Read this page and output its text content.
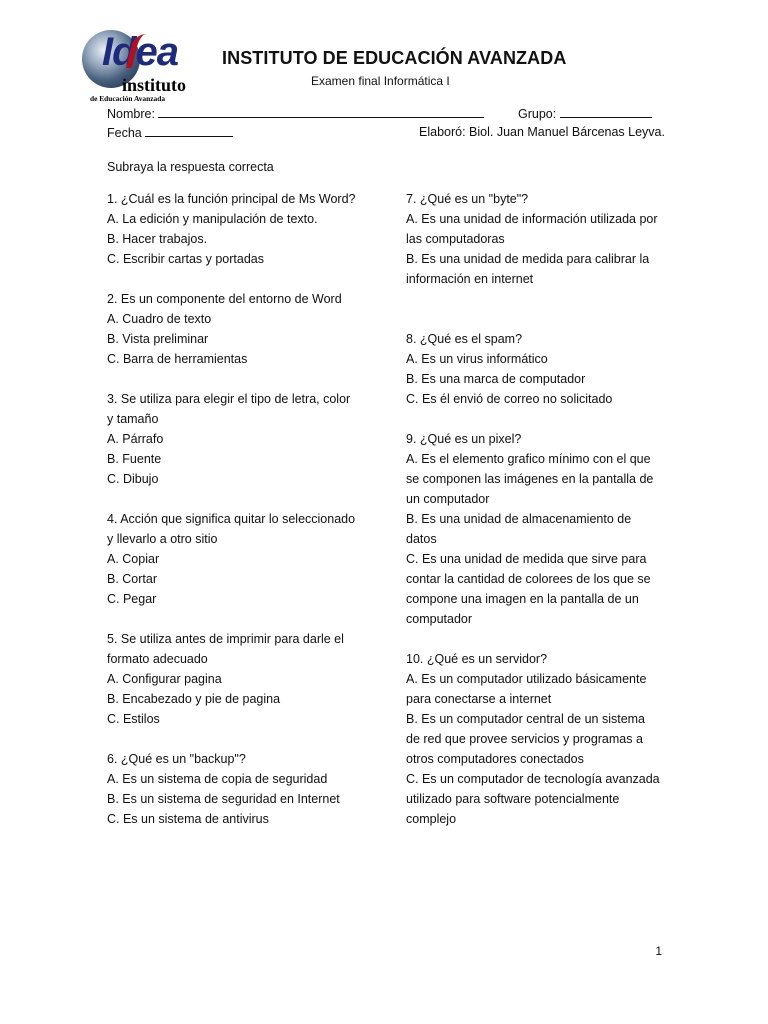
Idea
instituto
de Educación Avanzada
INSTITUTO DE EDUCACIÓN AVANZADA
Examen final Informática I
Nombre:	Grupo:
Fecha	Elaboró: Biol. Juan Manuel Bárcenas Leyva.
Subraya la respuesta correcta

1. ¿Cuál es la función principal de Ms Word?

A. La edición y manipulación de texto.

B. Hacer trabajos.

C. Escribir cartas y portadas

2. Es un componente del entorno de Word

A. Cuadro de texto

B. Vista preliminar

C. Barra de herramientas

3. Se utiliza para elegir el tipo de letra, color

y tamaño

A. Párrafo

B. Fuente

C. Dibujo

4. Acción que significa quitar lo seleccionado

y llevarlo a otro sitio

A. Copiar

B. Cortar

C. Pegar

5. Se utiliza antes de imprimir para darle el

formato adecuado

A. Configurar pagina

B. Encabezado y pie de pagina

C. Estilos

6. ¿Qué es un "backup"?

A. Es un sistema de copia de seguridad

B. Es un sistema de seguridad en Internet

C. Es un sistema de antivirus

7. ¿Qué es un "byte"?

A. Es una unidad de información utilizada por

las computadoras

B. Es una unidad de medida para calibrar la

información en internet

8. ¿Qué es el spam?

A. Es un virus informático

B. Es una marca de computador

C. Es él envió de correo no solicitado

9. ¿Qué es un pixel?

A. Es el elemento grafico mínimo con el que

se componen las imágenes en la pantalla de

un computador

B. Es una unidad de almacenamiento de

datos

C. Es una unidad de medida que sirve para

contar la cantidad de colorees de los que se

compone una imagen en la pantalla de un

computador

10. ¿Qué es un servidor?

A. Es un computador utilizado básicamente

para conectarse a internet

B. Es un computador central de un sistema

de red que provee servicios y programas a

otros computadores conectados

C. Es un computador de tecnología avanzada

utilizado para software potencialmente

complejo

1
